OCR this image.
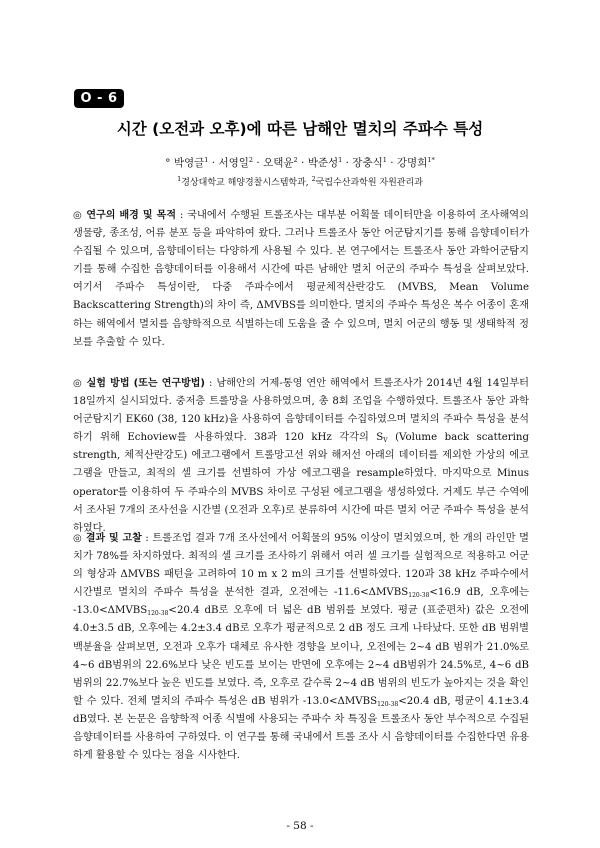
O - 6
시간 (오전과 오후)에 따른 남해안 멸치의 주파수 특성
° 박영글$^1$ · 서영일$^2$ · 오택윤$^2$ · 박준성$^1$ · 장충식$^1$ · 강명희$^{1*}$
$^1$경상대학교 해양경찰시스템학과, $^2$국립수산과학원 자원관리과
◎ 연구의 배경 및 목적 : 국내에서 수행된 트롤조사는 대부분 어획물 데이터만을 이용하여 조사해역의 생물량, 종조성, 어류 분포 등을 파악하여 왔다. 그러나 트롤조사 동안 어군탐지기를 통해 음향데이터가 수집될 수 있으며, 음향데이터는 다양하게 사용될 수 있다. 본 연구에서는 트롤조사 동안 과학어군탐지기를 통해 수집한 음향데이터를 이용해서 시간에 따른 남해안 멸치 어군의 주파수 특성을 살펴보았다. 여기서 주파수 특성이란, 다중 주파수에서 평균체적산란강도 (MVBS, Mean Volume Backscattering Strength)의 차이 즉, ΔMVBS를 의미한다. 멸치의 주파수 특성은 복수 어종이 혼재하는 해역에서 멸치를 음향학적으로 식별하는데 도움을 줄 수 있으며, 멸치 어군의 행동 및 생태학적 정보를 추출할 수 있다.
◎ 실험 방법 (또는 연구방법) : 남해안의 거제-통영 연안 해역에서 트롤조사가 2014년 4월 14일부터 18일까지 실시되었다. 중저층 트롤망을 사용하였으며, 총 8회 조업을 수행하였다. 트롤조사 동안 과학어군탐지기 EK60 (38, 120 kHz)을 사용하여 음향데이터를 수집하였으며 멸치의 주파수 특성을 분석하기 위해 Echoview를 사용하였다. 38과 120 kHz 각각의 $S_V$ (Volume back scattering strength, 체적산란강도) 에코그램에서 트롤망고선 위와 해저선 아래의 데이터를 제외한 가상의 에코그램을 만들고, 최적의 셀 크기를 선별하여 가상 에코그램을 resample하였다. 마지막으로 Minus operator를 이용하여 두 주파수의 MVBS 차이로 구성된 에코그램을 생성하였다. 거제도 부근 수역에서 조사된 7개의 조사선을 시간별 (오전과 오후)로 분류하여 시간에 따른 멸치 어군 주파수 특성을 분석하였다.
◎ 결과 및 고찰 : 트롤조업 결과 7개 조사선에서 어획물의 95% 이상이 멸치였으며, 한 개의 라인만 멸치가 78%를 차지하였다. 최적의 셀 크기를 조사하기 위해서 여러 셀 크기를 실험적으로 적용하고 어군의 형상과 ΔMVBS 패턴을 고려하여 10 m x 2 m의 크기를 선별하였다. 120과 38 kHz 주파수에서 시간별로 멸치의 주파수 특성을 분석한 결과, 오전에는 $-11.6<\Delta MVBS_{120-38}<16.9$ dB, 오후에는 $-13.0<\Delta MVBS_{120-38}<20.4$ dB로 오후에 더 넓은 dB 범위를 보였다. 평균 (표준편차) 값은 오전에 4.0±3.5 dB, 오후에는 4.2±3.4 dB로 오후가 평균적으로 2 dB 정도 크게 나타났다. 또한 dB 범위별 백분율을 살펴보면, 오전과 오후가 대체로 유사한 경향을 보이나, 오전에는 2~4 dB 범위가 21.0%로 4~6 dB범위의 22.6%보다 낮은 빈도를 보이는 반면에 오후에는 2~4 dB범위가 24.5%로, 4~6 dB 범위의 22.7%보다 높은 빈도를 보였다. 즉, 오후로 갈수록 2~4 dB 범위의 빈도가 높아지는 것을 확인할 수 있다. 전체 멸치의 주파수 특성은 dB 범위가 $-13.0<\Delta MVBS_{120-38}<20.4$ dB, 평균이 4.1±3.4 dB였다. 본 논문은 음향학적 어종 식별에 사용되는 주파수 차 특징을 트롤조사 동안 부수적으로 수집된 음향데이터를 사용하여 구하였다. 이 연구를 통해 국내에서 트롤 조사 시 음향데이터를 수집한다면 유용하게 활용할 수 있다는 점을 시사한다.
- 58 -
